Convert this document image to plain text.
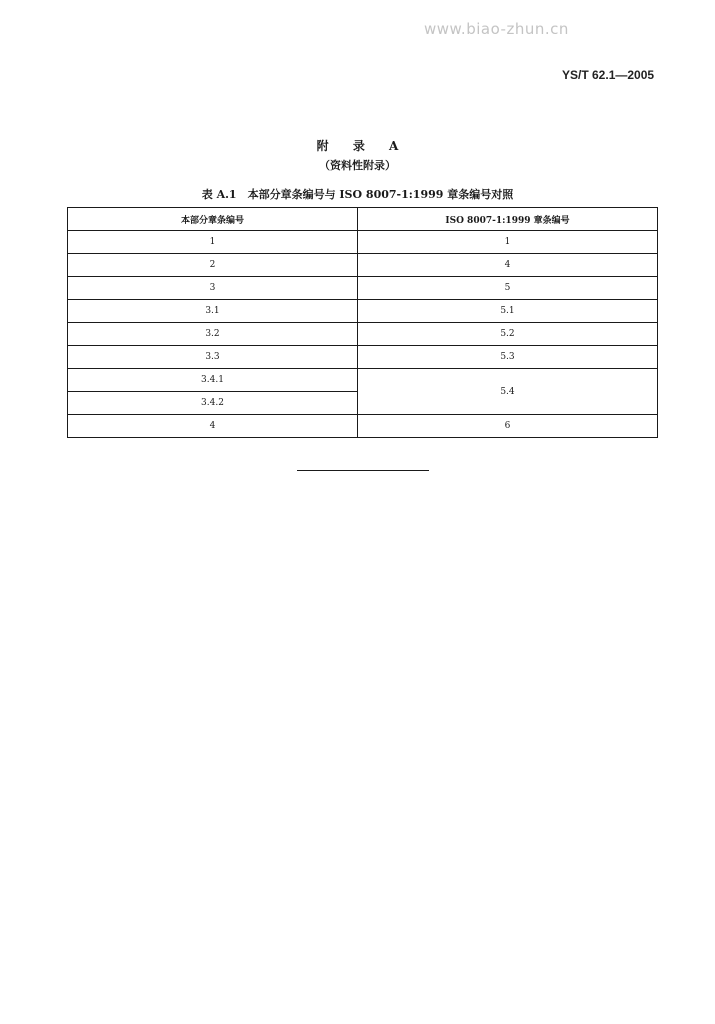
www.biao-zhun.cn
YS/T 62.1—2005
附 录 A
（资料性附录）
表 A.1　本部分章条编号与 ISO 8007-1:1999 章条编号对照
本部分章条编号	ISO 8007-1:1999 章条编号
1	1
2	4
3	5
3.1	5.1
3.2	5.2
3.3	5.3
3.4.1	5.4
3.4.2	
4	6
